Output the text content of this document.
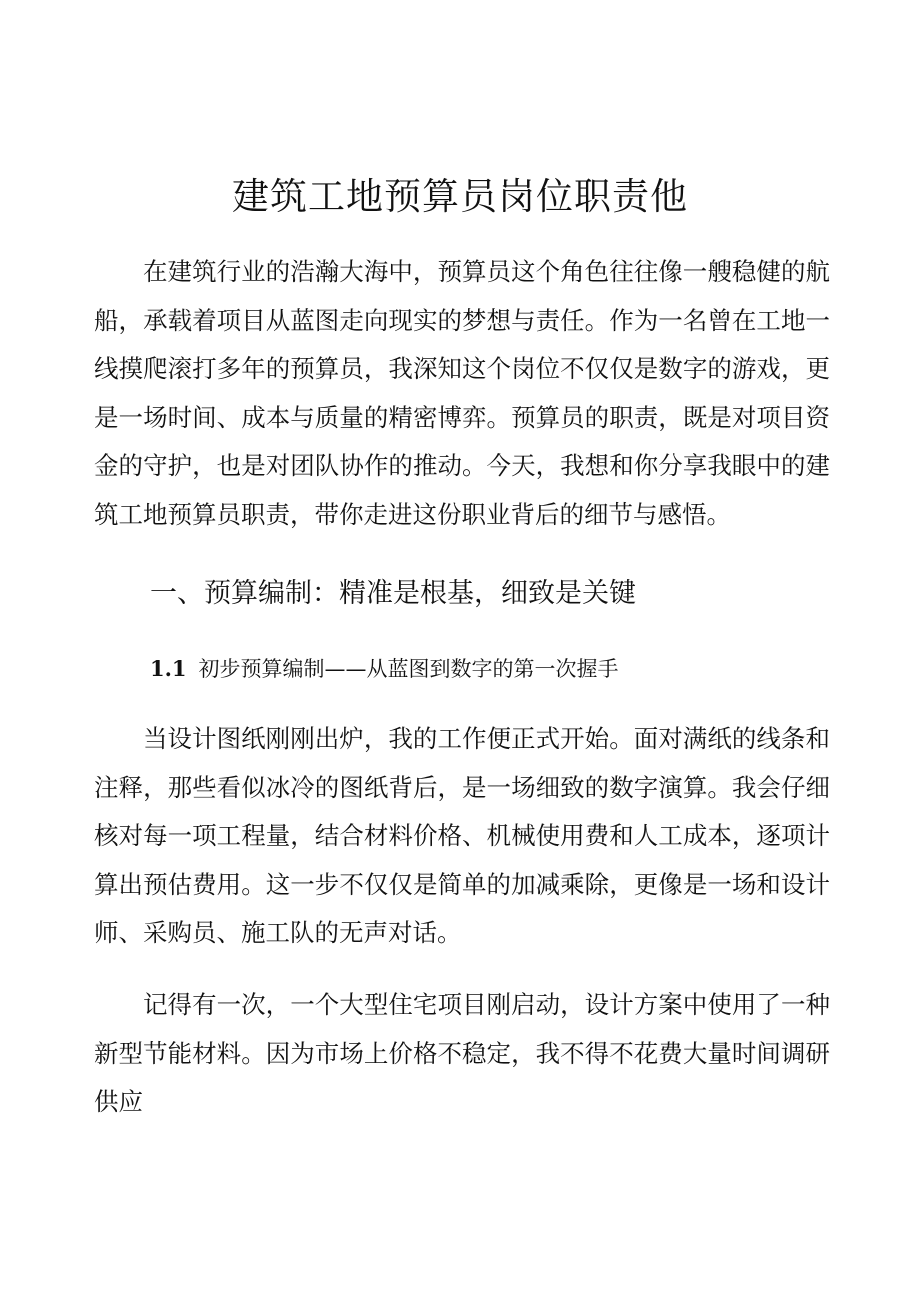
建筑工地预算员岗位职责他

在建筑行业的浩瀚大海中，预算员这个角色往往像一艘稳健的航船，承载着项目从蓝图走向现实的梦想与责任。作为一名曾在工地一线摸爬滚打多年的预算员，我深知这个岗位不仅仅是数字的游戏，更是一场时间、成本与质量的精密博弈。预算员的职责，既是对项目资金的守护，也是对团队协作的推动。今天，我想和你分享我眼中的建筑工地预算员职责，带你走进这份职业背后的细节与感悟。

一、预算编制：精准是根基，细致是关键
1.1 初步预算编制——从蓝图到数字的第一次握手

当设计图纸刚刚出炉，我的工作便正式开始。面对满纸的线条和注释，那些看似冰冷的图纸背后，是一场细致的数字演算。我会仔细核对每一项工程量，结合材料价格、机械使用费和人工成本，逐项计算出预估费用。这一步不仅仅是简单的加减乘除，更像是一场和设计师、采购员、施工队的无声对话。

记得有一次，一个大型住宅项目刚启动，设计方案中使用了一种新型节能材料。因为市场上价格不稳定，我不得不花费大量时间调研供应
